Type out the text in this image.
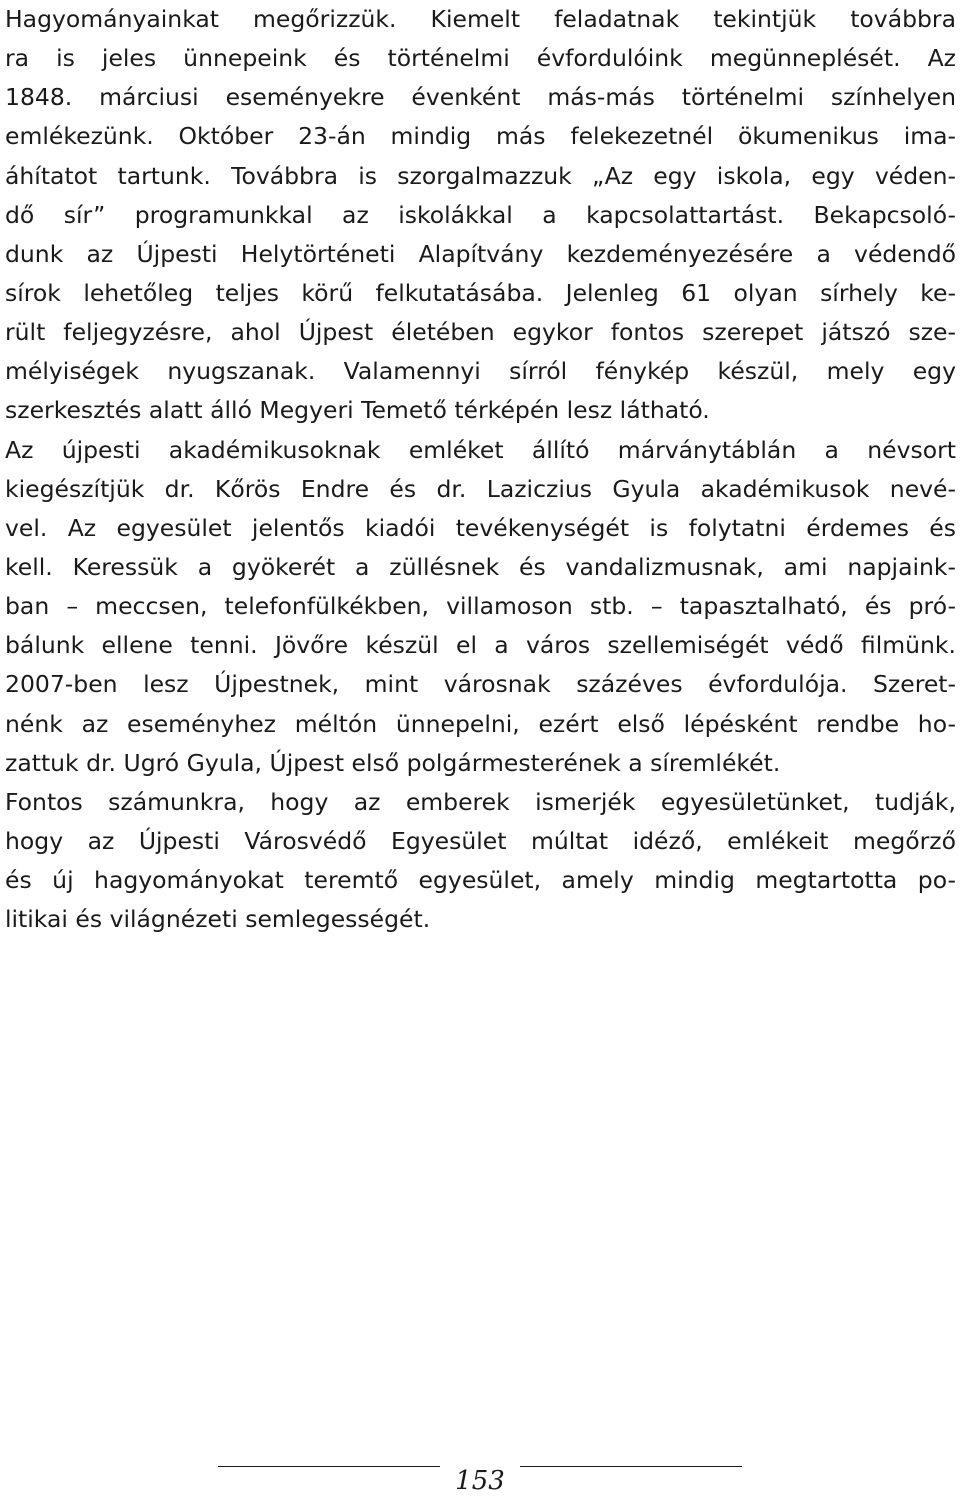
Hagyományainkat megőrizzük. Kiemelt feladatnak tekintjük továbbra
ra is jeles ünnepeink és történelmi évfordulóink megünneplését. Az
1848. márciusi eseményekre évenként más-más történelmi színhelyen
emlékezünk. Október 23-án mindig más felekezetnél ökumenikus ima-
áhítatot tartunk. Továbbra is szorgalmazzuk „Az egy iskola, egy véden-
dő sír” programunkkal az iskolákkal a kapcsolattartást. Bekapcsoló-
dunk az Újpesti Helytörténeti Alapítvány kezdeményezésére a védendő
sírok lehetőleg teljes körű felkutatásába. Jelenleg 61 olyan sírhely ke-
rült feljegyzésre, ahol Újpest életében egykor fontos szerepet játszó sze-
mélyiségek nyugszanak. Valamennyi sírról fénykép készül, mely egy
szerkesztés alatt álló Megyeri Temető térképén lesz látható.
Az újpesti akadémikusoknak emléket állító márványtáblán a névsort
kiegészítjük dr. Kőrös Endre és dr. Laziczius Gyula akadémikusok nevé-
vel. Az egyesület jelentős kiadói tevékenységét is folytatni érdemes és
kell. Keressük a gyökerét a züllésnek és vandalizmusnak, ami napjaink-
ban – meccsen, telefonfülkékben, villamoson stb. – tapasztalható, és pró-
bálunk ellene tenni. Jövőre készül el a város szellemiségét védő filmünk.
2007-ben lesz Újpestnek, mint városnak százéves évfordulója. Szeret-
nénk az eseményhez méltón ünnepelni, ezért első lépésként rendbe ho-
zattuk dr. Ugró Gyula, Újpest első polgármesterének a síremlékét.
Fontos számunkra, hogy az emberek ismerjék egyesületünket, tudják,
hogy az Újpesti Városvédő Egyesület múltat idéző, emlékeit megőrző
és új hagyományokat teremtő egyesület, amely mindig megtartotta po-
litikai és világnézeti semlegességét.
153
